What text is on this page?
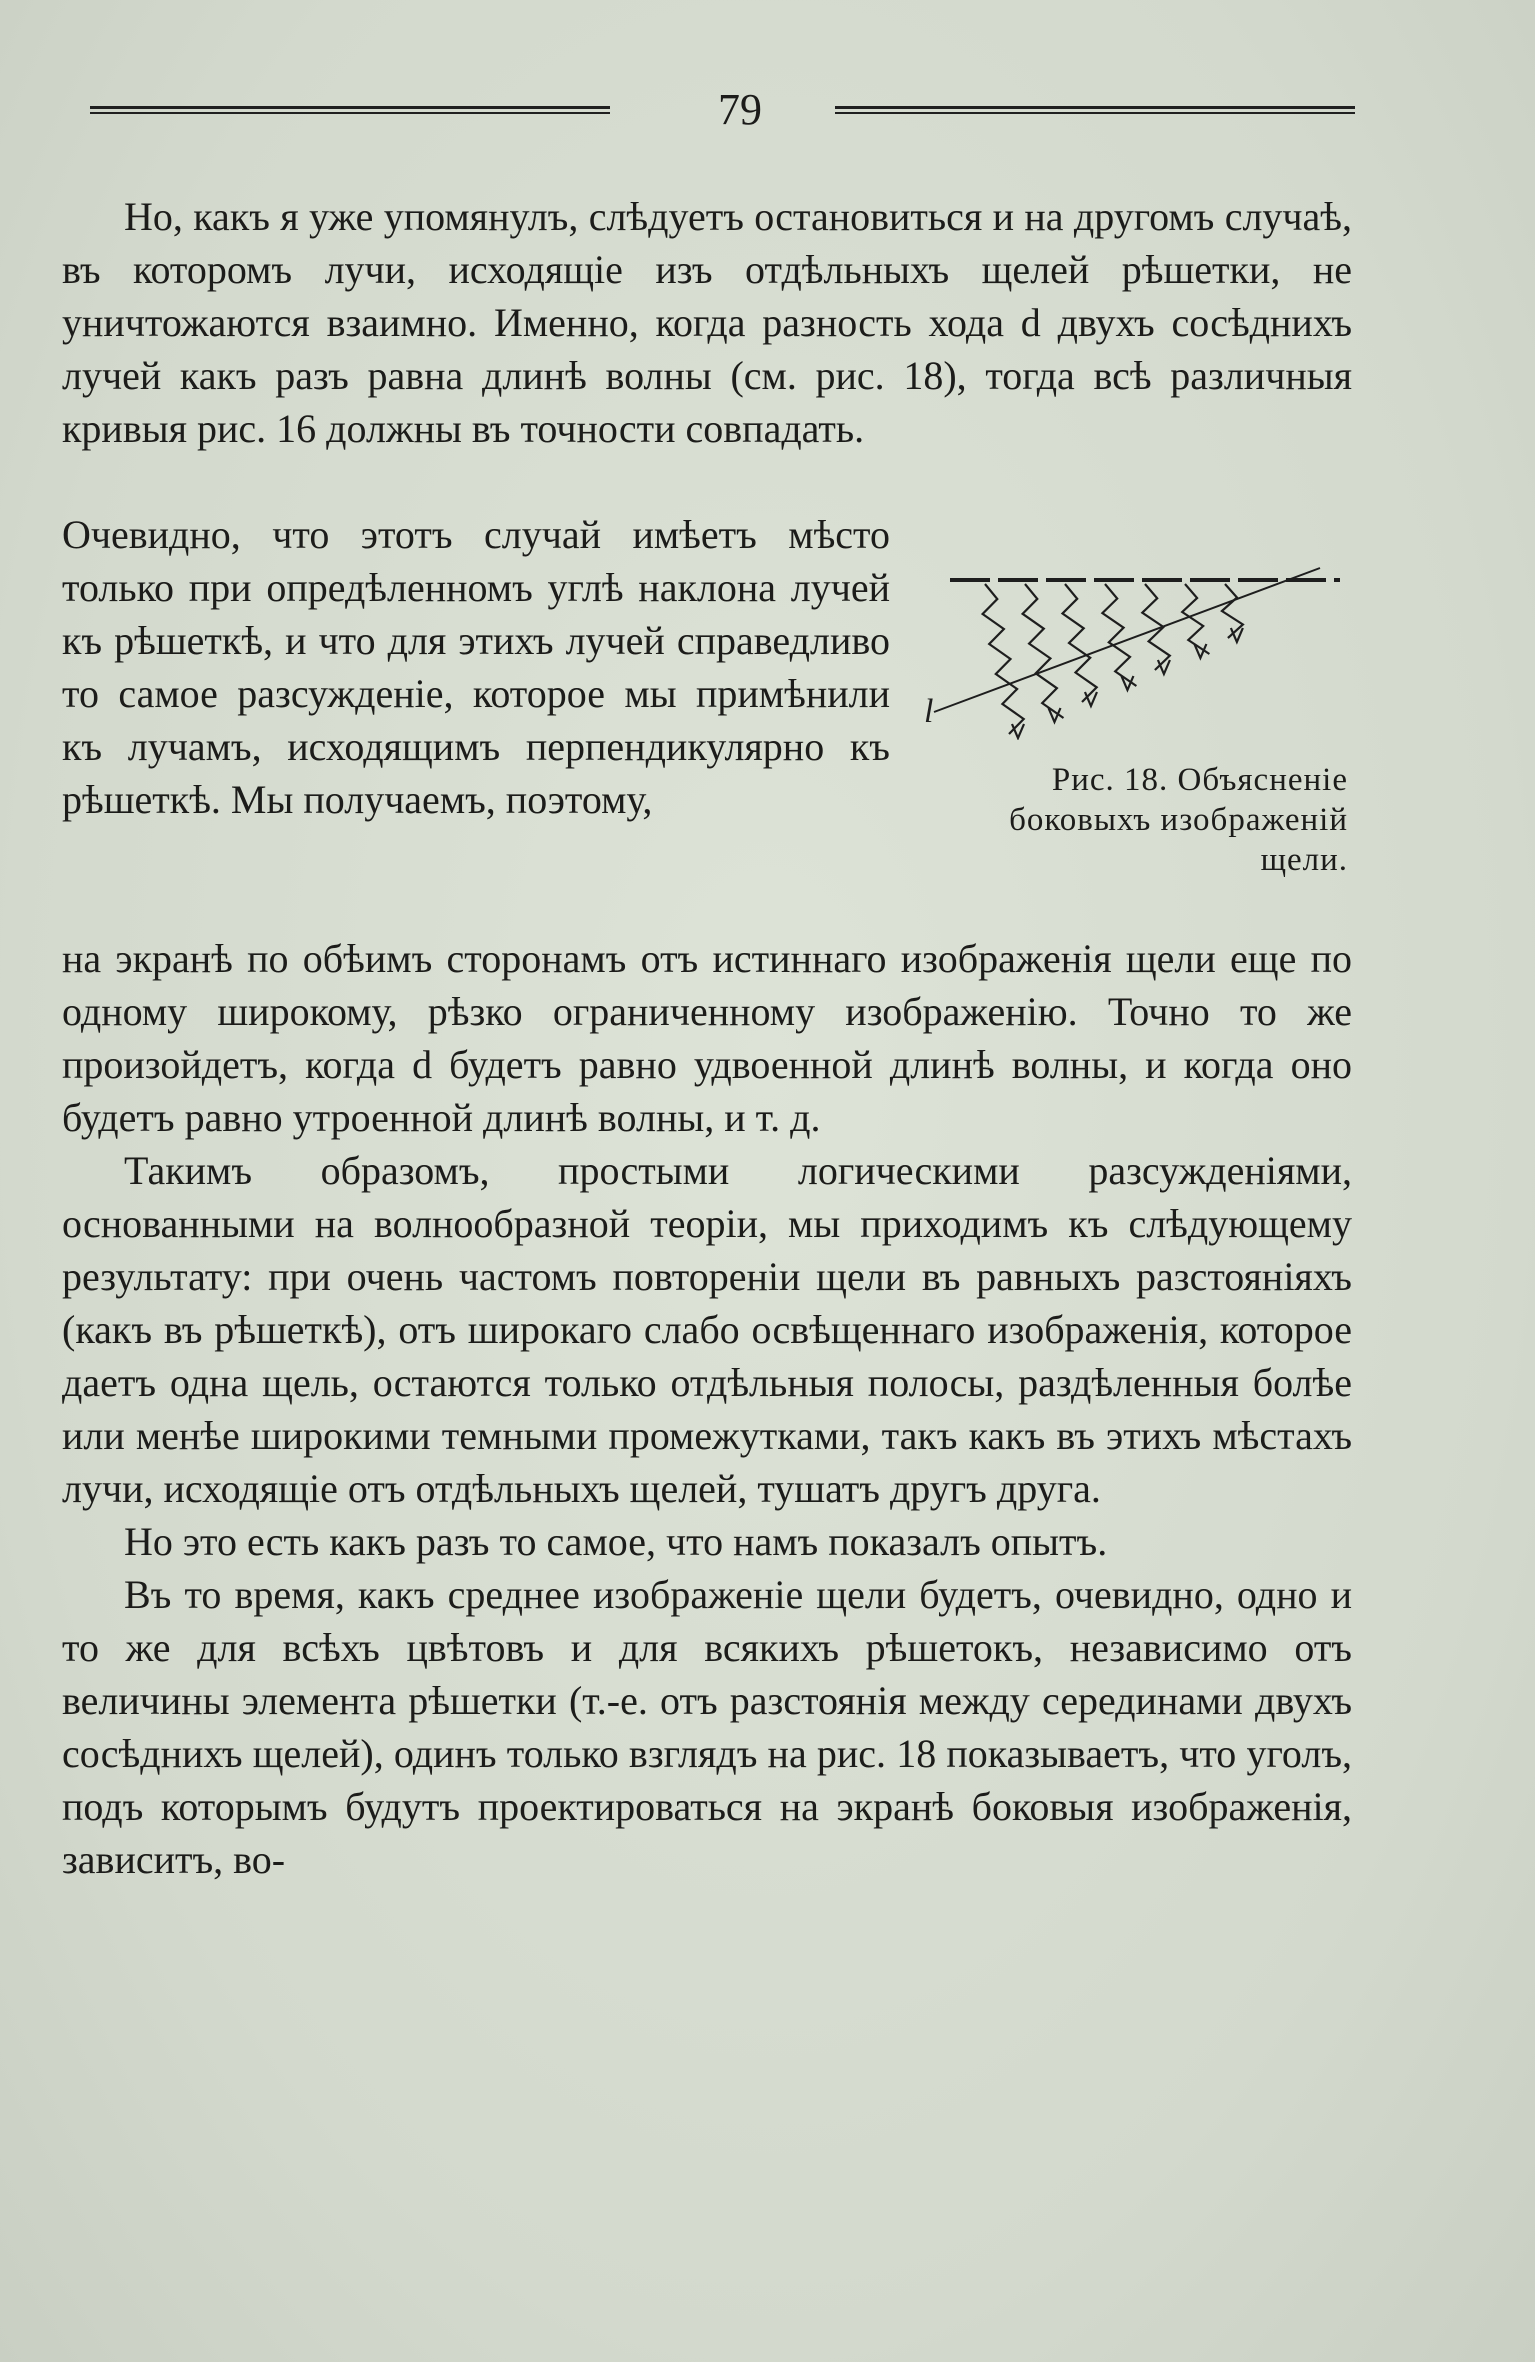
79

Но, какъ я уже упомянулъ, слѣдуетъ остановиться и на другомъ случаѣ, въ которомъ лучи, исходящіе изъ отдѣльныхъ щелей рѣшетки, не уничтожаются взаимно. Именно, когда разность хода d двухъ сосѣднихъ лучей какъ разъ равна длинѣ волны (см. рис. 18), тогда всѣ различныя кривыя рис. 16 должны въ точности совпадать.

Очевидно, что этотъ случай имѣетъ мѣсто только при опредѣленномъ углѣ наклона лучей къ рѣшеткѣ, и что для этихъ лучей справедливо то самое разсужденіе, которое мы примѣнили къ лучамъ, исходящимъ перпендикулярно къ рѣшеткѣ. Мы получаемъ, поэтому,

l
Рис. 18. Объясненіе боковыхъ изображеній щели.

на экранѣ по обѣимъ сторонамъ отъ истиннаго изображенія щели еще по одному широкому, рѣзко ограниченному изображенію. Точно то же произойдетъ, когда d будетъ равно удвоенной длинѣ волны, и когда оно будетъ равно утроенной длинѣ волны, и т. д.

Такимъ образомъ, простыми логическими разсужденіями, основанными на волнообразной теоріи, мы приходимъ къ слѣдующему результату: при очень частомъ повтореніи щели въ равныхъ разстояніяхъ (какъ въ рѣшеткѣ), отъ широкаго слабо освѣщеннаго изображенія, которое даетъ одна щель, остаются только отдѣльныя полосы, раздѣленныя болѣе или менѣе широкими темными промежутками, такъ какъ въ этихъ мѣстахъ лучи, исходящіе отъ отдѣльныхъ щелей, тушатъ другъ друга.

Но это есть какъ разъ то самое, что намъ показалъ опытъ.

Въ то время, какъ среднее изображеніе щели будетъ, очевидно, одно и то же для всѣхъ цвѣтовъ и для всякихъ рѣшетокъ, независимо отъ величины элемента рѣшетки (т.-е. отъ разстоянія между серединами двухъ сосѣднихъ щелей), одинъ только взглядъ на рис. 18 показываетъ, что уголъ, подъ которымъ будутъ проектироваться на экранѣ боковыя изображенія, зависитъ, во-
